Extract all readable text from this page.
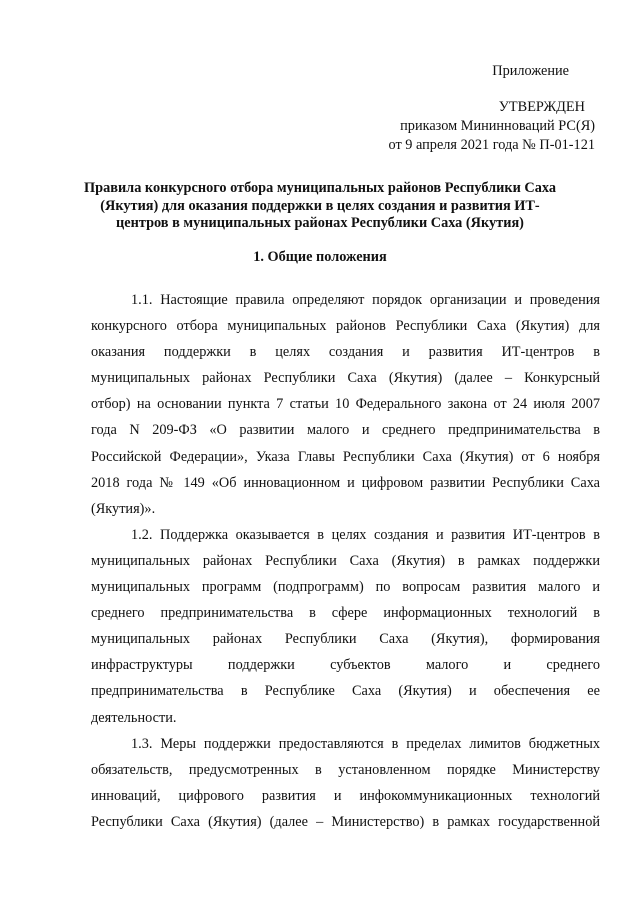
Приложение
УТВЕРЖДЕН
приказом Мининноваций РС(Я)
от 9 апреля 2021 года № П-01-121
Правила конкурсного отбора муниципальных районов Республики Саха
(Якутия) для оказания поддержки в целях создания и развития ИТ-
центров в муниципальных районах Республики Саха (Якутия)
1. Общие положения
1.1. Настоящие правила определяют порядок организации и проведения
конкурсного отбора муниципальных районов Республики Саха (Якутия) для
оказания поддержки в целях создания и развития ИТ-центров в
муниципальных районах Республики Саха (Якутия) (далее – Конкурсный
отбор) на основании пункта 7 статьи 10 Федерального закона от 24 июля 2007
года N 209-ФЗ «О развитии малого и среднего предпринимательства в
Российской Федерации», Указа Главы Республики Саха (Якутия) от 6 ноября
2018 года № 149 «Об инновационном и цифровом развитии Республики Саха
(Якутия)».
1.2. Поддержка оказывается в целях создания и развития ИТ-центров в
муниципальных районах Республики Саха (Якутия) в рамках поддержки
муниципальных программ (подпрограмм) по вопросам развития малого и
среднего предпринимательства в сфере информационных технологий в
муниципальных районах Республики Саха (Якутия), формирования
инфраструктуры поддержки субъектов малого и среднего
предпринимательства в Республике Саха (Якутия) и обеспечения ее
деятельности.
1.3. Меры поддержки предоставляются в пределах лимитов бюджетных
обязательств, предусмотренных в установленном порядке Министерству
инноваций, цифрового развития и инфокоммуникационных технологий
Республики Саха (Якутия) (далее – Министерство) в рамках государственной
